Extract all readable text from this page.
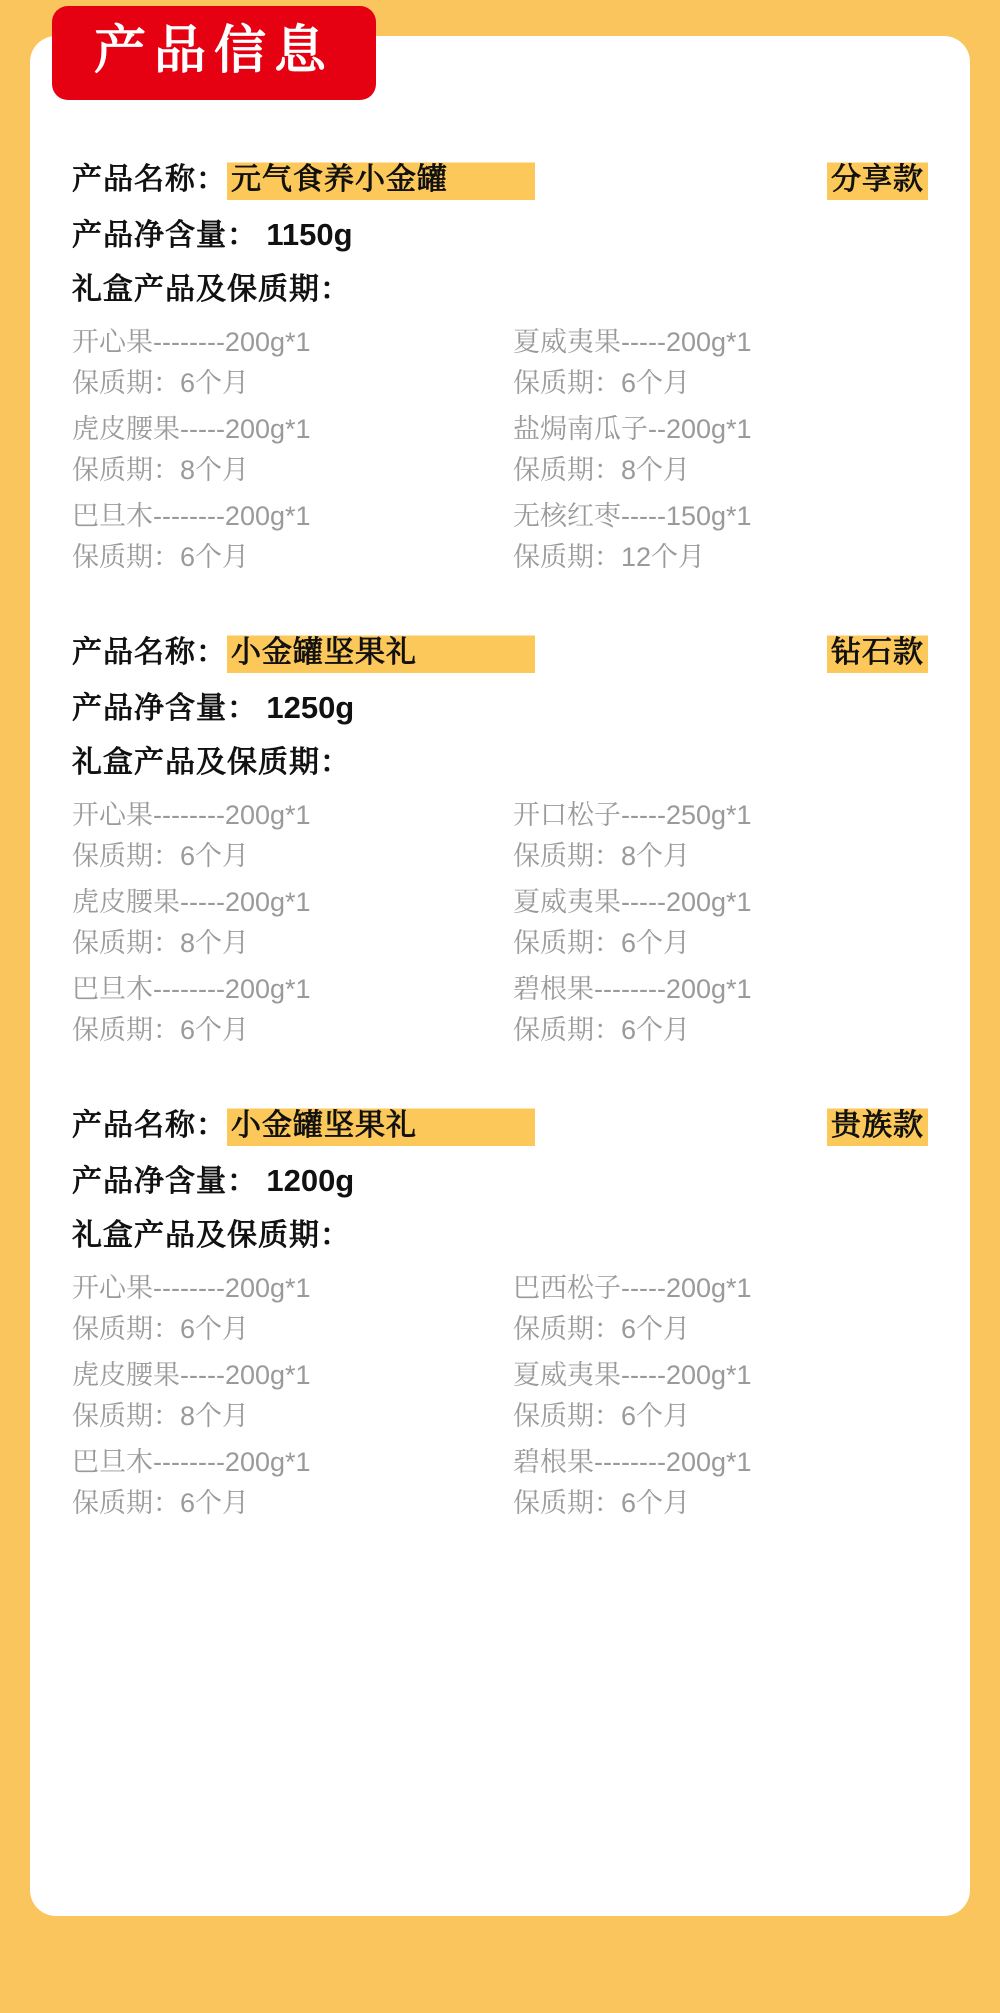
产品信息
产品名称： 元气食养小金罐	分享款
产品净含量： 1150g
礼盒产品及保质期：
开心果--------200g*1
保质期：6个月
夏威夷果-----200g*1
保质期：6个月
虎皮腰果-----200g*1
保质期：8个月
盐焗南瓜子--200g*1
保质期：8个月
巴旦木--------200g*1
保质期：6个月
无核红枣-----150g*1
保质期：12个月
产品名称： 小金罐坚果礼	钻石款
产品净含量： 1250g
礼盒产品及保质期：
开心果--------200g*1
保质期：6个月
开口松子-----250g*1
保质期：8个月
虎皮腰果-----200g*1
保质期：8个月
夏威夷果-----200g*1
保质期：6个月
巴旦木--------200g*1
保质期：6个月
碧根果--------200g*1
保质期：6个月
产品名称： 小金罐坚果礼	贵族款
产品净含量： 1200g
礼盒产品及保质期：
开心果--------200g*1
保质期：6个月
巴西松子-----200g*1
保质期：6个月
虎皮腰果-----200g*1
保质期：8个月
夏威夷果-----200g*1
保质期：6个月
巴旦木--------200g*1
保质期：6个月
碧根果--------200g*1
保质期：6个月
